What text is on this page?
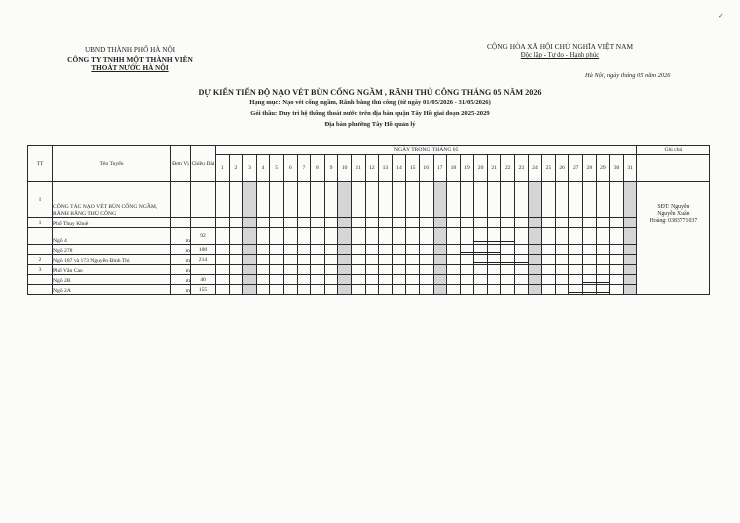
UBND THÀNH PHỐ HÀ NỘI
CÔNG TY TNHH MỘT THÀNH VIÊN
THOÁT NƯỚC HÀ NỘI
CỘNG HÒA XÃ HỘI CHỦ NGHĨA VIỆT NAM
Độc lập - Tự do - Hạnh phúc
Hà Nội, ngày tháng 05 năm 2026
✓
DỰ KIẾN TIẾN ĐỘ NẠO VÉT BÙN CỐNG NGẦM , RÃNH THỦ CÔNG THÁNG 05 NĂM 2026
Hạng mục: Nạo vét cống ngầm, Rãnh bằng thủ công (từ ngày 01/05/2026 - 31/05/2026)
Gói thầu: Duy trì hệ thống thoát nước trên địa bàn quận Tây Hồ giai đoạn 2025-2029
Địa bàn phường Tây Hồ quản lý
TT	Tên Tuyến	Đơn Vị	Chiều Dài	NGÀY TRONG THÁNG 05																															Ghi chú
				1	2	3	4	5	6	7	8	9	10	11	12	13	14	15	16	17	18	19	20	21	22	23	24	25	26	27	28	29	30	31	
I	CÔNG TÁC NẠO VÉT BÙN CỐNG NGẦM, RÃNH BẰNG THỦ CÔNG																																		SĐT: Nguyễn
Nguyễn Xuân
Hoàng: 0383771037

1	Phố Thụy Khuê																																		
	Ngõ 4	m	92																																
	Ngõ 278	m	100																																
2	Ngõ 187 và 173 Nguyễn Đình Thi	m	214																																
3	Phố Văn Cao	m																																	
	Ngõ 2B	m	40																																
	Ngõ 2A	m	155																																
